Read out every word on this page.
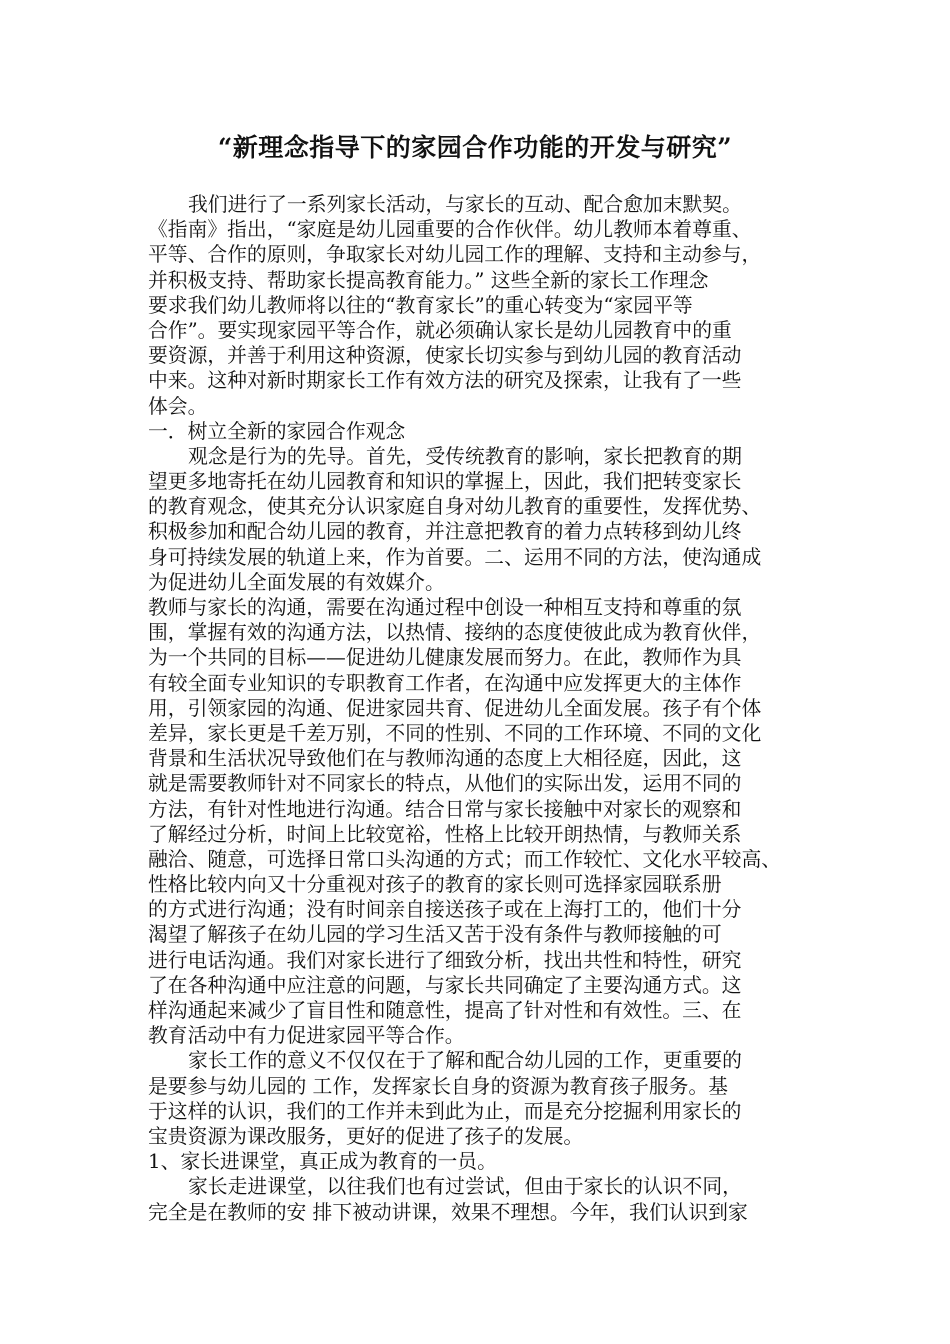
“新理念指导下的家园合作功能的开发与研究”
我们进行了一系列家长活动，与家长的互动、配合愈加末默契。
《指南》指出，“家庭是幼儿园重要的合作伙伴。幼儿教师本着尊重、
平等、合作的原则，争取家长对幼儿园工作的理解、支持和主动参与，
并积极支持、帮助家长提高教育能力。” 这些全新的家长工作理念
要求我们幼儿教师将以往的“教育家长”的重心转变为“家园平等
合作”。要实现家园平等合作，就必须确认家长是幼儿园教育中的重
要资源，并善于利用这种资源，使家长切实参与到幼儿园的教育活动
中来。这种对新时期家长工作有效方法的研究及探索，让我有了一些
体会。
一．树立全新的家园合作观念
观念是行为的先导。首先，受传统教育的影响，家长把教育的期
望更多地寄托在幼儿园教育和知识的掌握上，因此，我们把转变家长
的教育观念，使其充分认识家庭自身对幼儿教育的重要性，发挥优势、
积极参加和配合幼儿园的教育，并注意把教育的着力点转移到幼儿终
身可持续发展的轨道上来，作为首要。二、运用不同的方法，使沟通成
为促进幼儿全面发展的有效媒介。
教师与家长的沟通，需要在沟通过程中创设一种相互支持和尊重的氛
围，掌握有效的沟通方法，以热情、接纳的态度使彼此成为教育伙伴，
为一个共同的目标——促进幼儿健康发展而努力。在此，教师作为具
有较全面专业知识的专职教育工作者，在沟通中应发挥更大的主体作
用，引领家园的沟通、促进家园共育、促进幼儿全面发展。孩子有个体
差异，家长更是千差万别，不同的性别、不同的工作环境、不同的文化
背景和生活状况导致他们在与教师沟通的态度上大相径庭，因此，这
就是需要教师针对不同家长的特点，从他们的实际出发，运用不同的
方法，有针对性地进行沟通。结合日常与家长接触中对家长的观察和
了解经过分析，时间上比较宽裕，性格上比较开朗热情，与教师关系
融洽、随意，可选择日常口头沟通的方式；而工作较忙、文化水平较高、
性格比较内向又十分重视对孩子的教育的家长则可选择家园联系册
的方式进行沟通；没有时间亲自接送孩子或在上海打工的，他们十分
渴望了解孩子在幼儿园的学习生活又苦于没有条件与教师接触的可
进行电话沟通。我们对家长进行了细致分析，找出共性和特性，研究
了在各种沟通中应注意的问题，与家长共同确定了主要沟通方式。这
样沟通起来减少了盲目性和随意性，提高了针对性和有效性。三、在
教育活动中有力促进家园平等合作。
家长工作的意义不仅仅在于了解和配合幼儿园的工作，更重要的
是要参与幼儿园的 工作，发挥家长自身的资源为教育孩子服务。基
于这样的认识，我们的工作并未到此为止，而是充分挖掘利用家长的
宝贵资源为课改服务，更好的促进了孩子的发展。
1、家长进课堂，真正成为教育的一员。
家长走进课堂，以往我们也有过尝试，但由于家长的认识不同，
完全是在教师的安 排下被动讲课，效果不理想。今年，我们认识到家
